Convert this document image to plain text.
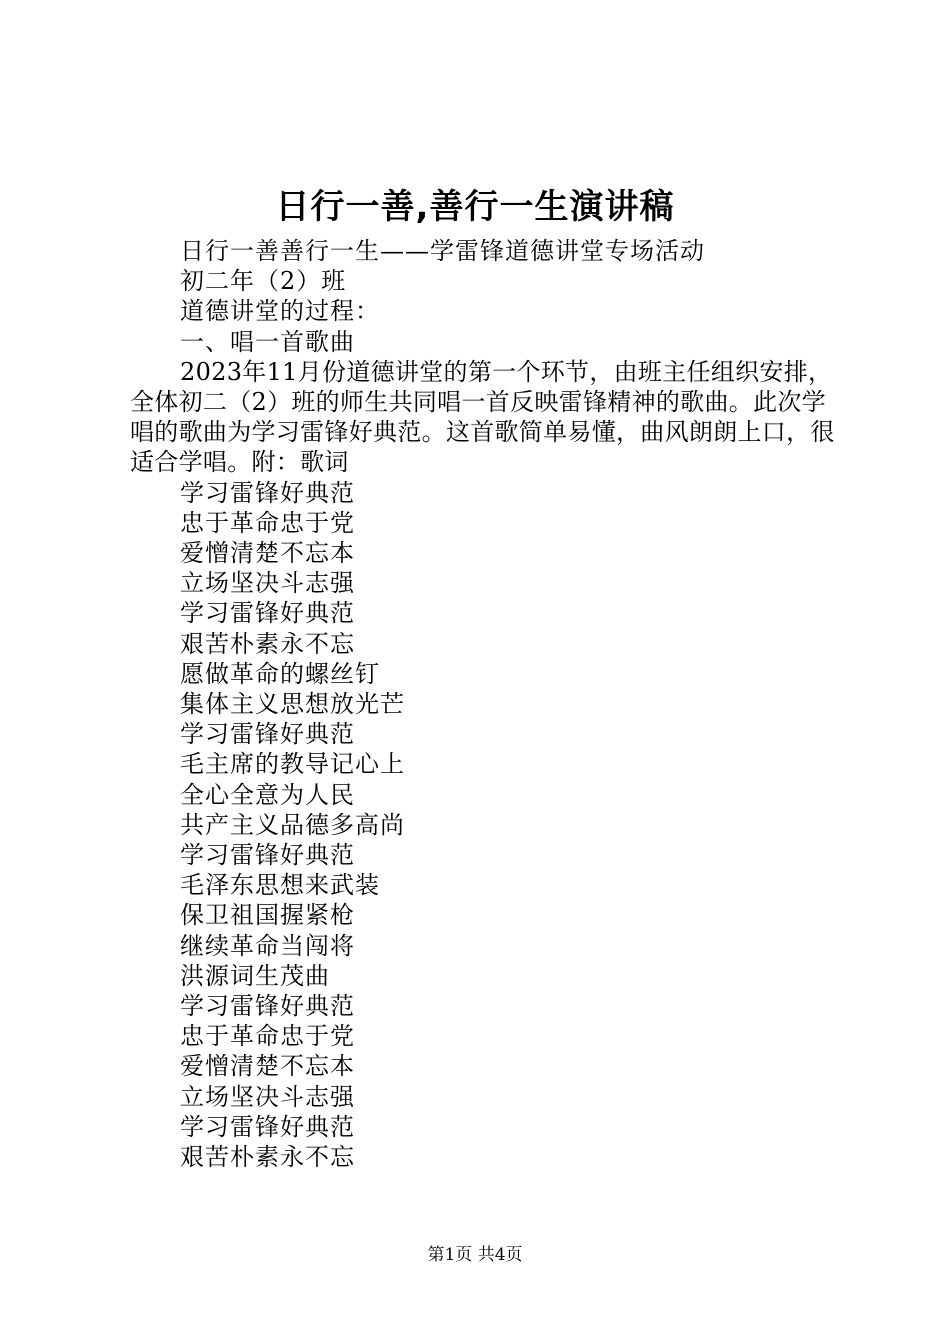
日行一善,善行一生演讲稿
日行一善善行一生——学雷锋道德讲堂专场活动
初二年（2）班
道德讲堂的过程：
一、唱一首歌曲
2023年11月份道德讲堂的第一个环节，由班主任组织安排，全体初二（2）班的师生共同唱一首反映雷锋精神的歌曲。此次学唱的歌曲为学习雷锋好典范。这首歌简单易懂，曲风朗朗上口，很适合学唱。附：歌词
学习雷锋好典范
忠于革命忠于党
爱憎清楚不忘本
立场坚决斗志强
学习雷锋好典范
艰苦朴素永不忘
愿做革命的螺丝钉
集体主义思想放光芒
学习雷锋好典范
毛主席的教导记心上
全心全意为人民
共产主义品德多高尚
学习雷锋好典范
毛泽东思想来武装
保卫祖国握紧枪
继续革命当闯将
洪源词生茂曲
学习雷锋好典范
忠于革命忠于党
爱憎清楚不忘本
立场坚决斗志强
学习雷锋好典范
艰苦朴素永不忘
第1页 共4页
